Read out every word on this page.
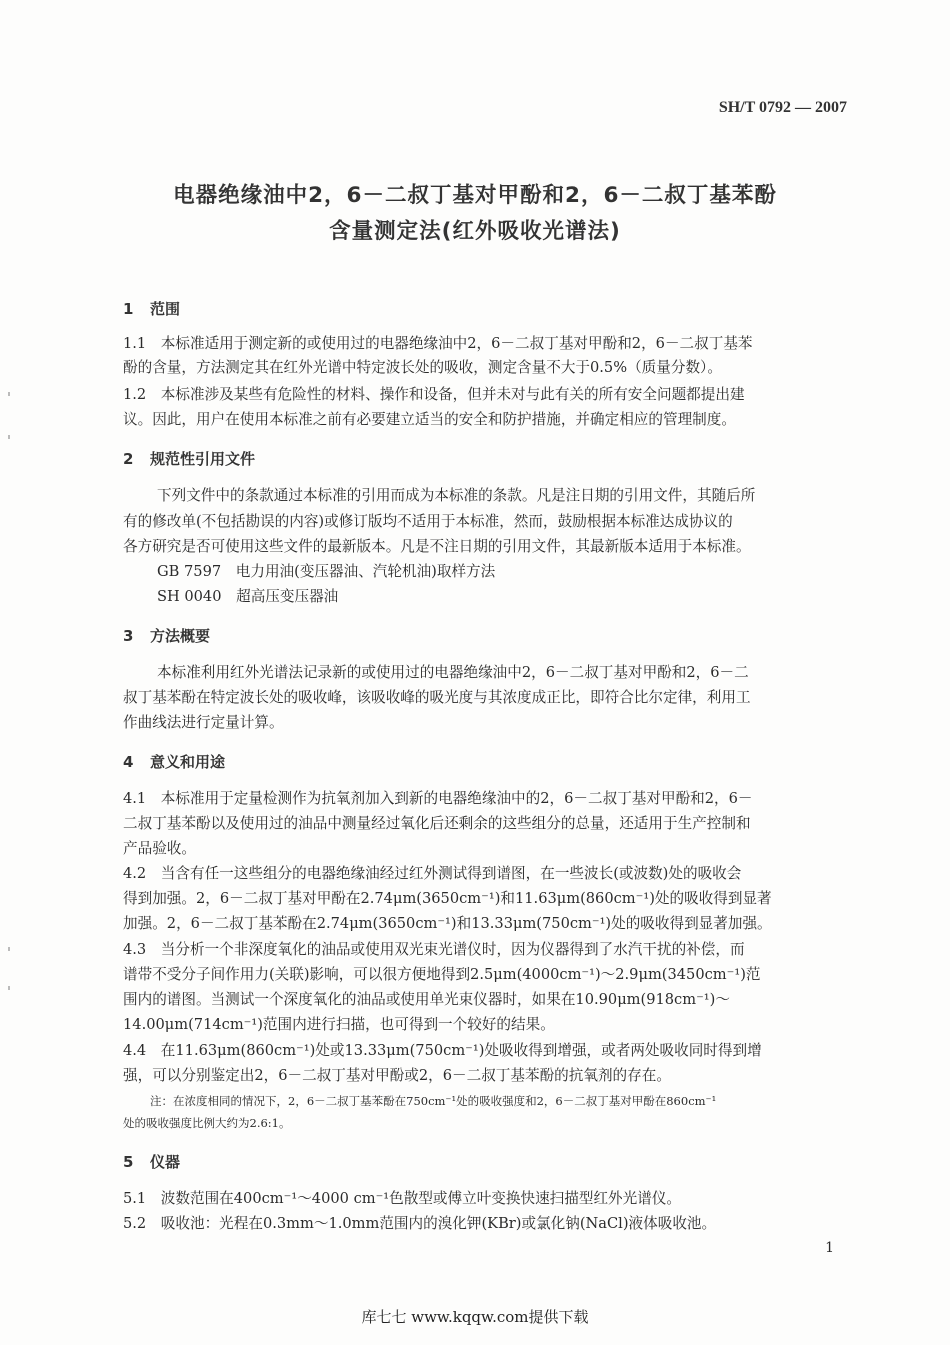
SH/T 0792 — 2007
电器绝缘油中2，6－二叔丁基对甲酚和2，6－二叔丁基苯酚
含量测定法(红外吸收光谱法)
1 范围
1.1　本标准适用于测定新的或使用过的电器绝缘油中2，6－二叔丁基对甲酚和2，6－二叔丁基苯
酚的含量，方法测定其在红外光谱中特定波长处的吸收，测定含量不大于0.5%（质量分数）。
1.2　本标准涉及某些有危险性的材料、操作和设备，但并未对与此有关的所有安全问题都提出建
议。因此，用户在使用本标准之前有必要建立适当的安全和防护措施，并确定相应的管理制度。
2 规范性引用文件
下列文件中的条款通过本标准的引用而成为本标准的条款。凡是注日期的引用文件，其随后所
有的修改单(不包括勘误的内容)或修订版均不适用于本标准，然而，鼓励根据本标准达成协议的
各方研究是否可使用这些文件的最新版本。凡是不注日期的引用文件，其最新版本适用于本标准。
GB 7597　电力用油(变压器油、汽轮机油)取样方法
SH 0040　超高压变压器油
3 方法概要
本标准利用红外光谱法记录新的或使用过的电器绝缘油中2，6－二叔丁基对甲酚和2，6－二
叔丁基苯酚在特定波长处的吸收峰，该吸收峰的吸光度与其浓度成正比，即符合比尔定律，利用工
作曲线法进行定量计算。
4 意义和用途
4.1　本标准用于定量检测作为抗氧剂加入到新的电器绝缘油中的2，6－二叔丁基对甲酚和2，6－
二叔丁基苯酚以及使用过的油品中测量经过氧化后还剩余的这些组分的总量，还适用于生产控制和
产品验收。
4.2　当含有任一这些组分的电器绝缘油经过红外测试得到谱图，在一些波长(或波数)处的吸收会
得到加强。2，6－二叔丁基对甲酚在2.74μm(3650cm⁻¹)和11.63μm(860cm⁻¹)处的吸收得到显著
加强。2，6－二叔丁基苯酚在2.74μm(3650cm⁻¹)和13.33μm(750cm⁻¹)处的吸收得到显著加强。
4.3　当分析一个非深度氧化的油品或使用双光束光谱仪时，因为仪器得到了水汽干扰的补偿，而
谱带不受分子间作用力(关联)影响，可以很方便地得到2.5μm(4000cm⁻¹)～2.9μm(3450cm⁻¹)范
围内的谱图。当测试一个深度氧化的油品或使用单光束仪器时，如果在10.90μm(918cm⁻¹)～
14.00μm(714cm⁻¹)范围内进行扫描，也可得到一个较好的结果。
4.4　在11.63μm(860cm⁻¹)处或13.33μm(750cm⁻¹)处吸收得到增强，或者两处吸收同时得到增
强，可以分别鉴定出2，6－二叔丁基对甲酚或2，6－二叔丁基苯酚的抗氧剂的存在。
注：在浓度相同的情况下，2，6－二叔丁基苯酚在750cm⁻¹处的吸收强度和2，6－二叔丁基对甲酚在860cm⁻¹
处的吸收强度比例大约为2.6:1。
5 仪器
5.1　波数范围在400cm⁻¹～4000 cm⁻¹色散型或傅立叶变换快速扫描型红外光谱仪。
5.2　吸收池：光程在0.3mm～1.0mm范围内的溴化钾(KBr)或氯化钠(NaCl)液体吸收池。
1
库七七 www.kqqw.com提供下载
